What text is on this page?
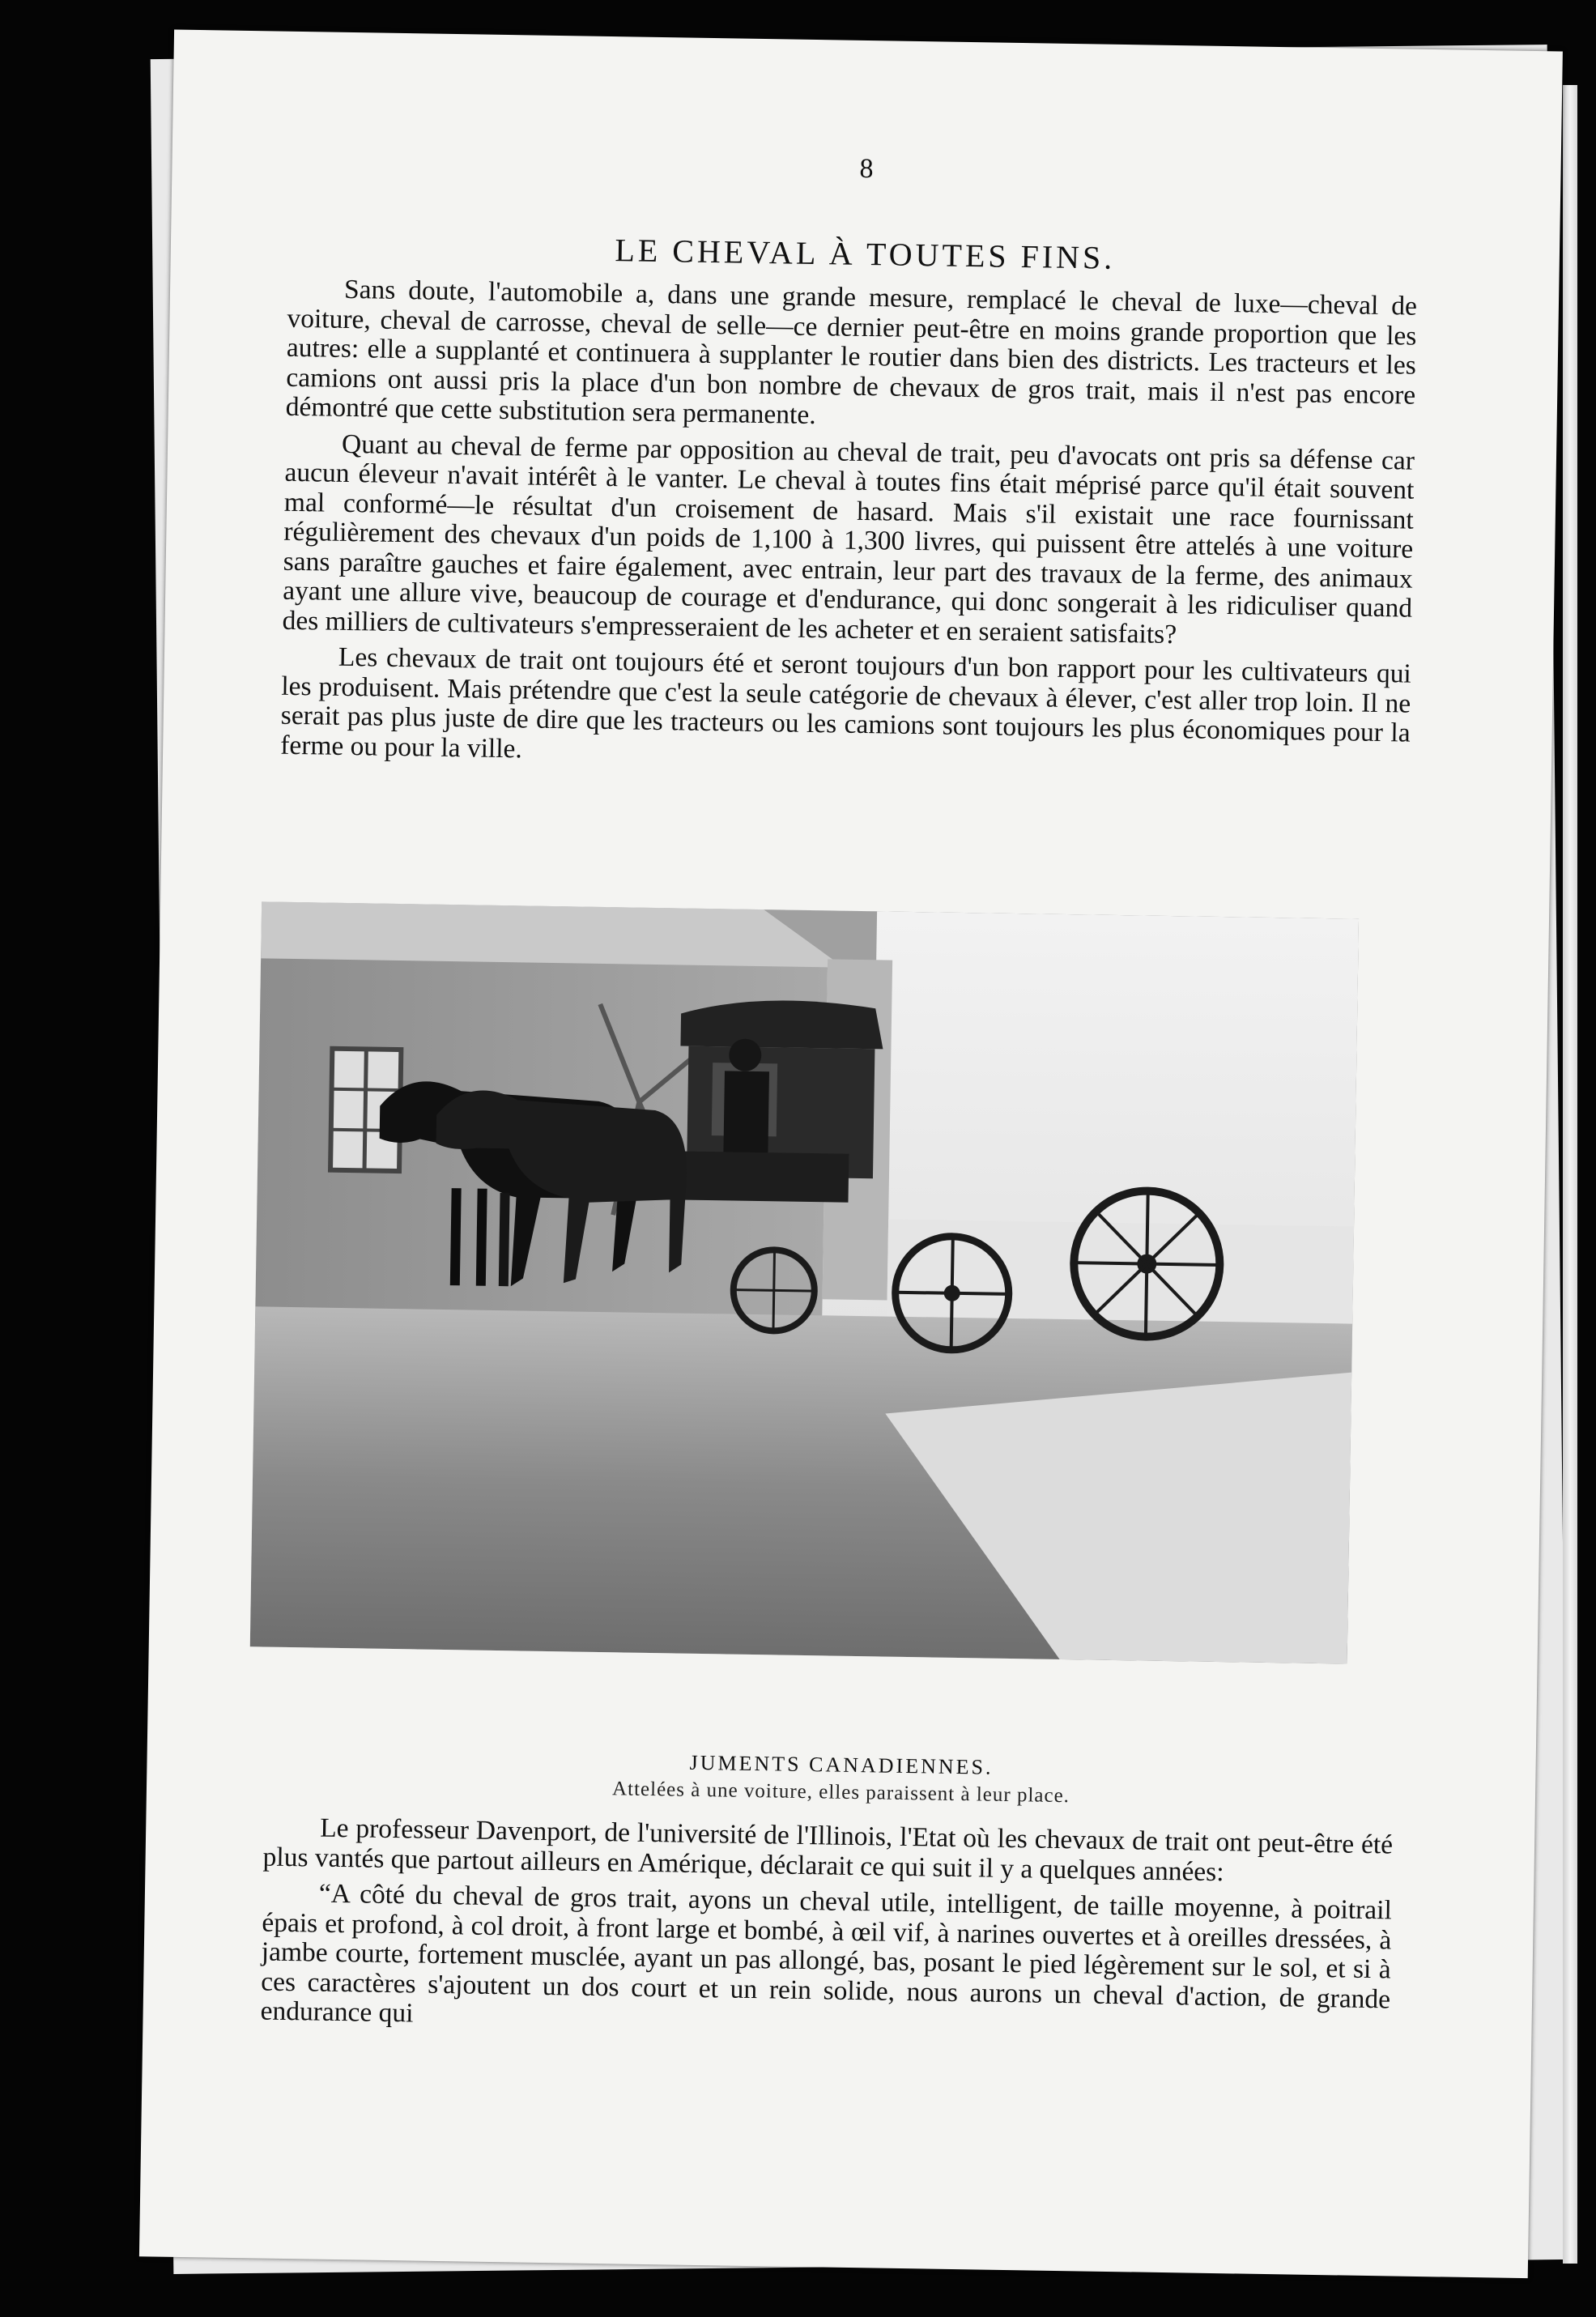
8
LE CHEVAL À TOUTES FINS.

Sans doute, l'automobile a, dans une grande mesure, remplacé le cheval de luxe—cheval de voiture, cheval de carrosse, cheval de selle—ce dernier peut-être en moins grande proportion que les autres: elle a supplanté et continuera à supplanter le routier dans bien des districts. Les tracteurs et les camions ont aussi pris la place d'un bon nombre de chevaux de gros trait, mais il n'est pas encore démontré que cette substitution sera permanente.

Quant au cheval de ferme par opposition au cheval de trait, peu d'avocats ont pris sa défense car aucun éleveur n'avait intérêt à le vanter. Le cheval à toutes fins était méprisé parce qu'il était souvent mal conformé—le résultat d'un croisement de hasard. Mais s'il existait une race fournissant régulièrement des chevaux d'un poids de 1,100 à 1,300 livres, qui puissent être attelés à une voiture sans paraître gauches et faire également, avec entrain, leur part des travaux de la ferme, des animaux ayant une allure vive, beaucoup de courage et d'endurance, qui donc songerait à les ridiculiser quand des milliers de cultivateurs s'empresseraient de les acheter et en seraient satisfaits?

Les chevaux de trait ont toujours été et seront toujours d'un bon rapport pour les cultivateurs qui les produisent. Mais prétendre que c'est la seule catégorie de chevaux à élever, c'est aller trop loin. Il ne serait pas plus juste de dire que les tracteurs ou les camions sont toujours les plus économiques pour la ferme ou pour la ville.

JUMENTS CANADIENNES.
Attelées à une voiture, elles paraissent à leur place.

Le professeur Davenport, de l'université de l'Illinois, l'Etat où les chevaux de trait ont peut-être été plus vantés que partout ailleurs en Amérique, déclarait ce qui suit il y a quelques années:

“A côté du cheval de gros trait, ayons un cheval utile, intelligent, de taille moyenne, à poitrail épais et profond, à col droit, à front large et bombé, à œil vif, à narines ouvertes et à oreilles dressées, à jambe courte, fortement musclée, ayant un pas allongé, bas, posant le pied légèrement sur le sol, et si à ces caractères s'ajoutent un dos court et un rein solide, nous aurons un cheval d'action, de grande endurance qui
